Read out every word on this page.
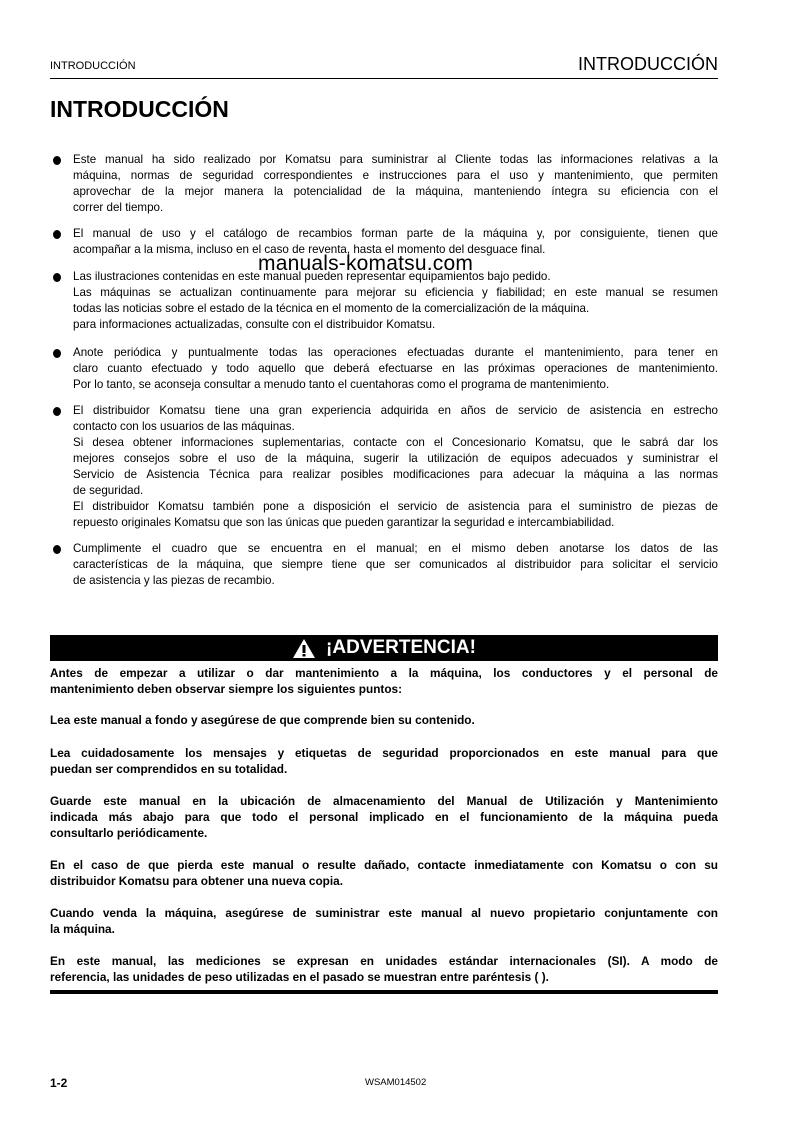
INTRODUCCIÓN	INTRODUCCIÓN
INTRODUCCIÓN
Este manual ha sido realizado por Komatsu para suministrar al Cliente todas las informaciones relativas a la
máquina, normas de seguridad correspondientes e instrucciones para el uso y mantenimiento, que permiten
aprovechar de la mejor manera la potencialidad de la máquina, manteniendo íntegra su eficiencia con el
correr del tiempo.
El manual de uso y el catálogo de recambios forman parte de la máquina y, por consiguiente, tienen que
acompañar a la misma, incluso en el caso de reventa, hasta el momento del desguace final.
Las ilustraciones contenidas en este manual pueden representar equipamientos bajo pedido.
Las máquinas se actualizan continuamente para mejorar su eficiencia y fiabilidad; en este manual se resumen
todas las noticias sobre el estado de la técnica en el momento de la comercialización de la máquina.
para informaciones actualizadas, consulte con el distribuidor Komatsu.
Anote periódica y puntualmente todas las operaciones efectuadas durante el mantenimiento, para tener en
claro cuanto efectuado y todo aquello que deberá efectuarse en las próximas operaciones de mantenimiento.
Por lo tanto, se aconseja consultar a menudo tanto el cuentahoras como el programa de mantenimiento.
El distribuidor Komatsu tiene una gran experiencia adquirida en años de servicio de asistencia en estrecho
contacto con los usuarios de las máquinas.
Si desea obtener informaciones suplementarias, contacte con el Concesionario Komatsu, que le sabrá dar los
mejores consejos sobre el uso de la máquina, sugerir la utilización de equipos adecuados y suministrar el
Servicio de Asistencia Técnica para realizar posibles modificaciones para adecuar la máquina a las normas
de seguridad.
El distribuidor Komatsu también pone a disposición el servicio de asistencia para el suministro de piezas de
repuesto originales Komatsu que son las únicas que pueden garantizar la seguridad e intercambiabilidad.
Cumplimente el cuadro que se encuentra en el manual; en el mismo deben anotarse los datos de las
características de la máquina, que siempre tiene que ser comunicados al distribuidor para solicitar el servicio
de asistencia y las piezas de recambio.
manuals-komatsu.com
¡ADVERTENCIA!
Antes de empezar a utilizar o dar mantenimiento a la máquina, los conductores y el personal de
mantenimiento deben observar siempre los siguientes puntos:
Lea este manual a fondo y asegúrese de que comprende bien su contenido.
Lea cuidadosamente los mensajes y etiquetas de seguridad proporcionados en este manual para que
puedan ser comprendidos en su totalidad.
Guarde este manual en la ubicación de almacenamiento del Manual de Utilización y Mantenimiento
indicada más abajo para que todo el personal implicado en el funcionamiento de la máquina pueda
consultarlo periódicamente.
En el caso de que pierda este manual o resulte dañado, contacte inmediatamente con Komatsu o con su
distribuidor Komatsu para obtener una nueva copia.
Cuando venda la máquina, asegúrese de suministrar este manual al nuevo propietario conjuntamente con
la máquina.
En este manual, las mediciones se expresan en unidades estándar internacionales (SI). A modo de
referencia, las unidades de peso utilizadas en el pasado se muestran entre paréntesis ( ).
1-2	WSAM014502
